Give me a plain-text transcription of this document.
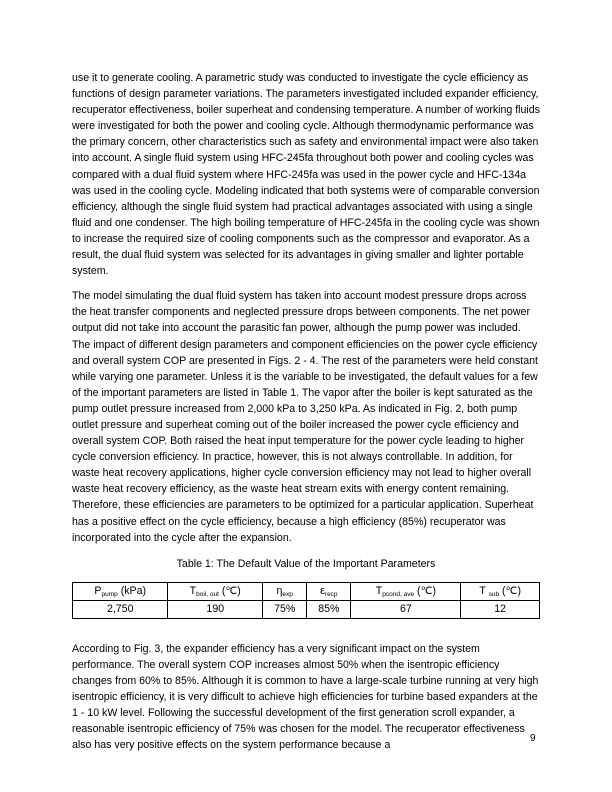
use it to generate cooling. A parametric study was conducted to investigate the cycle efficiency as functions of design parameter variations. The parameters investigated included expander efficiency, recuperator effectiveness, boiler superheat and condensing temperature. A number of working fluids were investigated for both the power and cooling cycle. Although thermodynamic performance was the primary concern, other characteristics such as safety and environmental impact were also taken into account. A single fluid system using HFC-245fa throughout both power and cooling cycles was compared with a dual fluid system where HFC-245fa was used in the power cycle and HFC-134a was used in the cooling cycle. Modeling indicated that both systems were of comparable conversion efficiency, although the single fluid system had practical advantages associated with using a single fluid and one condenser. The high boiling temperature of HFC-245fa in the cooling cycle was shown to increase the required size of cooling components such as the compressor and evaporator. As a result, the dual fluid system was selected for its advantages in giving smaller and lighter portable system.

The model simulating the dual fluid system has taken into account modest pressure drops across the heat transfer components and neglected pressure drops between components. The net power output did not take into account the parasitic fan power, although the pump power was included. The impact of different design parameters and component efficiencies on the power cycle efficiency and overall system COP are presented in Figs. 2 - 4. The rest of the parameters were held constant while varying one parameter. Unless it is the variable to be investigated, the default values for a few of the important parameters are listed in Table 1. The vapor after the boiler is kept saturated as the pump outlet pressure increased from 2,000 kPa to 3,250 kPa. As indicated in Fig. 2, both pump outlet pressure and superheat coming out of the boiler increased the power cycle efficiency and overall system COP. Both raised the heat input temperature for the power cycle leading to higher cycle conversion efficiency. In practice, however, this is not always controllable. In addition, for waste heat recovery applications, higher cycle conversion efficiency may not lead to higher overall waste heat recovery efficiency, as the waste heat stream exits with energy content remaining. Therefore, these efficiencies are parameters to be optimized for a particular application. Superheat has a positive effect on the cycle efficiency, because a high efficiency (85%) recuperator was incorporated into the cycle after the expansion.

Table 1: The Default Value of the Important Parameters
$P_{pump}$ (kPa)	$T_{boil, out}$ (℃)	$\eta_{exp}$	$\varepsilon_{recp}$	$T_{pcond, ave}$ (℃)	T $_{sub}$ (℃)
2,750	190	75%	85%	67	12

According to Fig. 3, the expander efficiency has a very significant impact on the system performance. The overall system COP increases almost 50% when the isentropic efficiency changes from 60% to 85%. Although it is common to have a large-scale turbine running at very high isentropic efficiency, it is very difficult to achieve high efficiencies for turbine based expanders at the 1 - 10 kW level. Following the successful development of the first generation scroll expander, a reasonable isentropic efficiency of 75% was chosen for the model. The recuperator effectiveness also has very positive effects on the system performance because a

9
